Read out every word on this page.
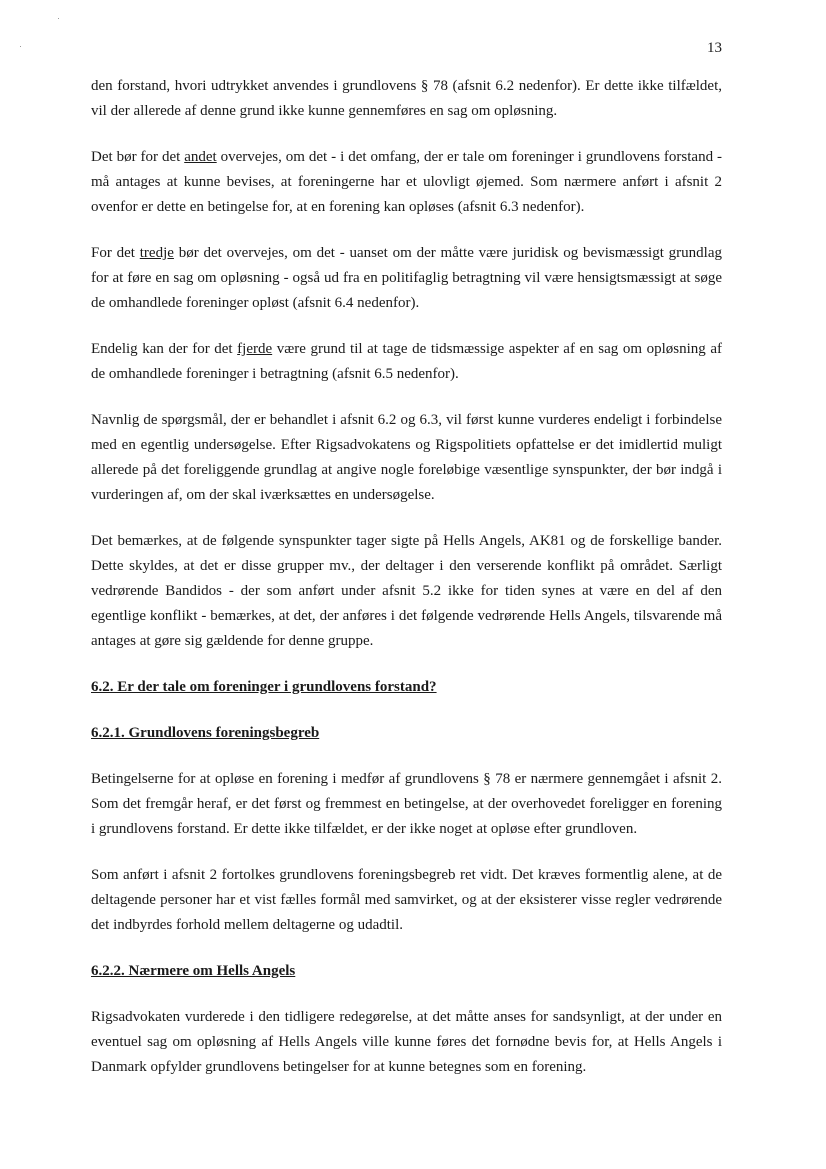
13

den forstand, hvori udtrykket anvendes i grundlovens § 78 (afsnit 6.2 nedenfor). Er dette ikke tilfældet, vil der allerede af denne grund ikke kunne gennemføres en sag om opløsning.

Det bør for det andet overvejes, om det - i det omfang, der er tale om foreninger i grundlovens forstand - må antages at kunne bevises, at foreningerne har et ulovligt øjemed. Som nærmere anført i afsnit 2 ovenfor er dette en betingelse for, at en forening kan opløses (afsnit 6.3 nedenfor).

For det tredje bør det overvejes, om det - uanset om der måtte være juridisk og bevismæssigt grundlag for at føre en sag om opløsning - også ud fra en politifaglig betragtning vil være hensigtsmæssigt at søge de omhandlede foreninger opløst (afsnit 6.4 nedenfor).

Endelig kan der for det fjerde være grund til at tage de tidsmæssige aspekter af en sag om opløsning af de omhandlede foreninger i betragtning (afsnit 6.5 nedenfor).

Navnlig de spørgsmål, der er behandlet i afsnit 6.2 og 6.3, vil først kunne vurderes endeligt i forbindelse med en egentlig undersøgelse. Efter Rigsadvokatens og Rigspolitiets opfattelse er det imidlertid muligt allerede på det foreliggende grundlag at angive nogle foreløbige væsentlige synspunkter, der bør indgå i vurderingen af, om der skal iværksættes en undersøgelse.

Det bemærkes, at de følgende synspunkter tager sigte på Hells Angels, AK81 og de forskellige bander. Dette skyldes, at det er disse grupper mv., der deltager i den verserende konflikt på området. Særligt vedrørende Bandidos - der som anført under afsnit 5.2 ikke for tiden synes at være en del af den egentlige konflikt - bemærkes, at det, der anføres i det følgende vedrørende Hells Angels, tilsvarende må antages at gøre sig gældende for denne gruppe.

6.2. Er der tale om foreninger i grundlovens forstand?

6.2.1. Grundlovens foreningsbegreb

Betingelserne for at opløse en forening i medfør af grundlovens § 78 er nærmere gennemgået i afsnit 2. Som det fremgår heraf, er det først og fremmest en betingelse, at der overhovedet foreligger en forening i grundlovens forstand. Er dette ikke tilfældet, er der ikke noget at opløse efter grundloven.

Som anført i afsnit 2 fortolkes grundlovens foreningsbegreb ret vidt. Det kræves formentlig alene, at de deltagende personer har et vist fælles formål med samvirket, og at der eksisterer visse regler vedrørende det indbyrdes forhold mellem deltagerne og udadtil.

6.2.2. Nærmere om Hells Angels

Rigsadvokaten vurderede i den tidligere redegørelse, at det måtte anses for sandsynligt, at der under en eventuel sag om opløsning af Hells Angels ville kunne føres det fornødne bevis for, at Hells Angels i Danmark opfylder grundlovens betingelser for at kunne betegnes som en forening.
